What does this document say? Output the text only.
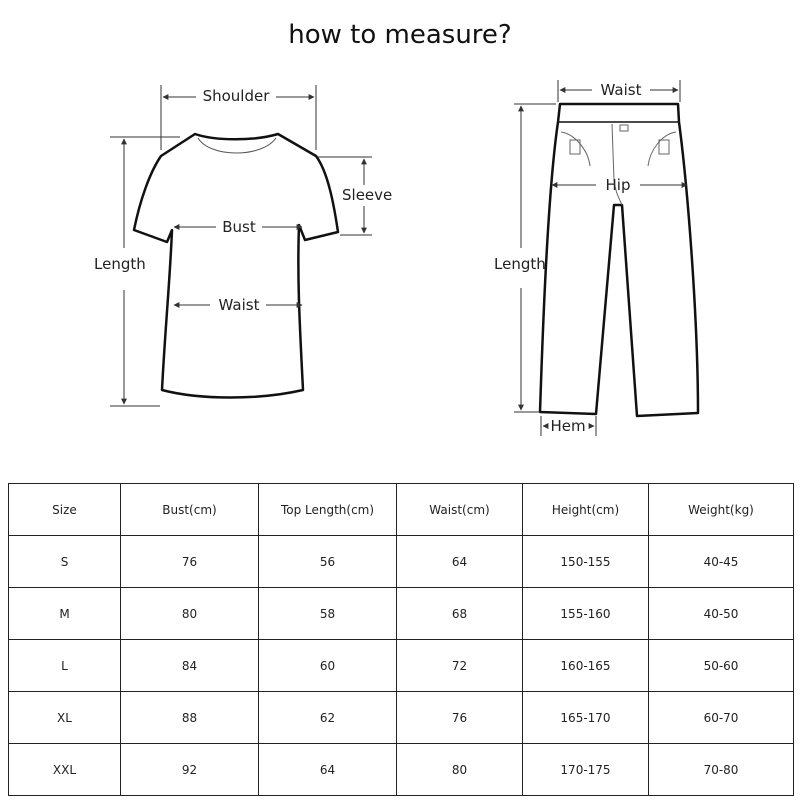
how to measure?
Shoulder
Sleeve
Bust
Length
Waist
Waist
Hip
Length
Hem
Size	Bust(cm)	Top Length(cm)	Waist(cm)	Height(cm)	Weight(kg)
S	76	56	64	150-155	40-45
M	80	58	68	155-160	40-50
L	84	60	72	160-165	50-60
XL	88	62	76	165-170	60-70
XXL	92	64	80	170-175	70-80
